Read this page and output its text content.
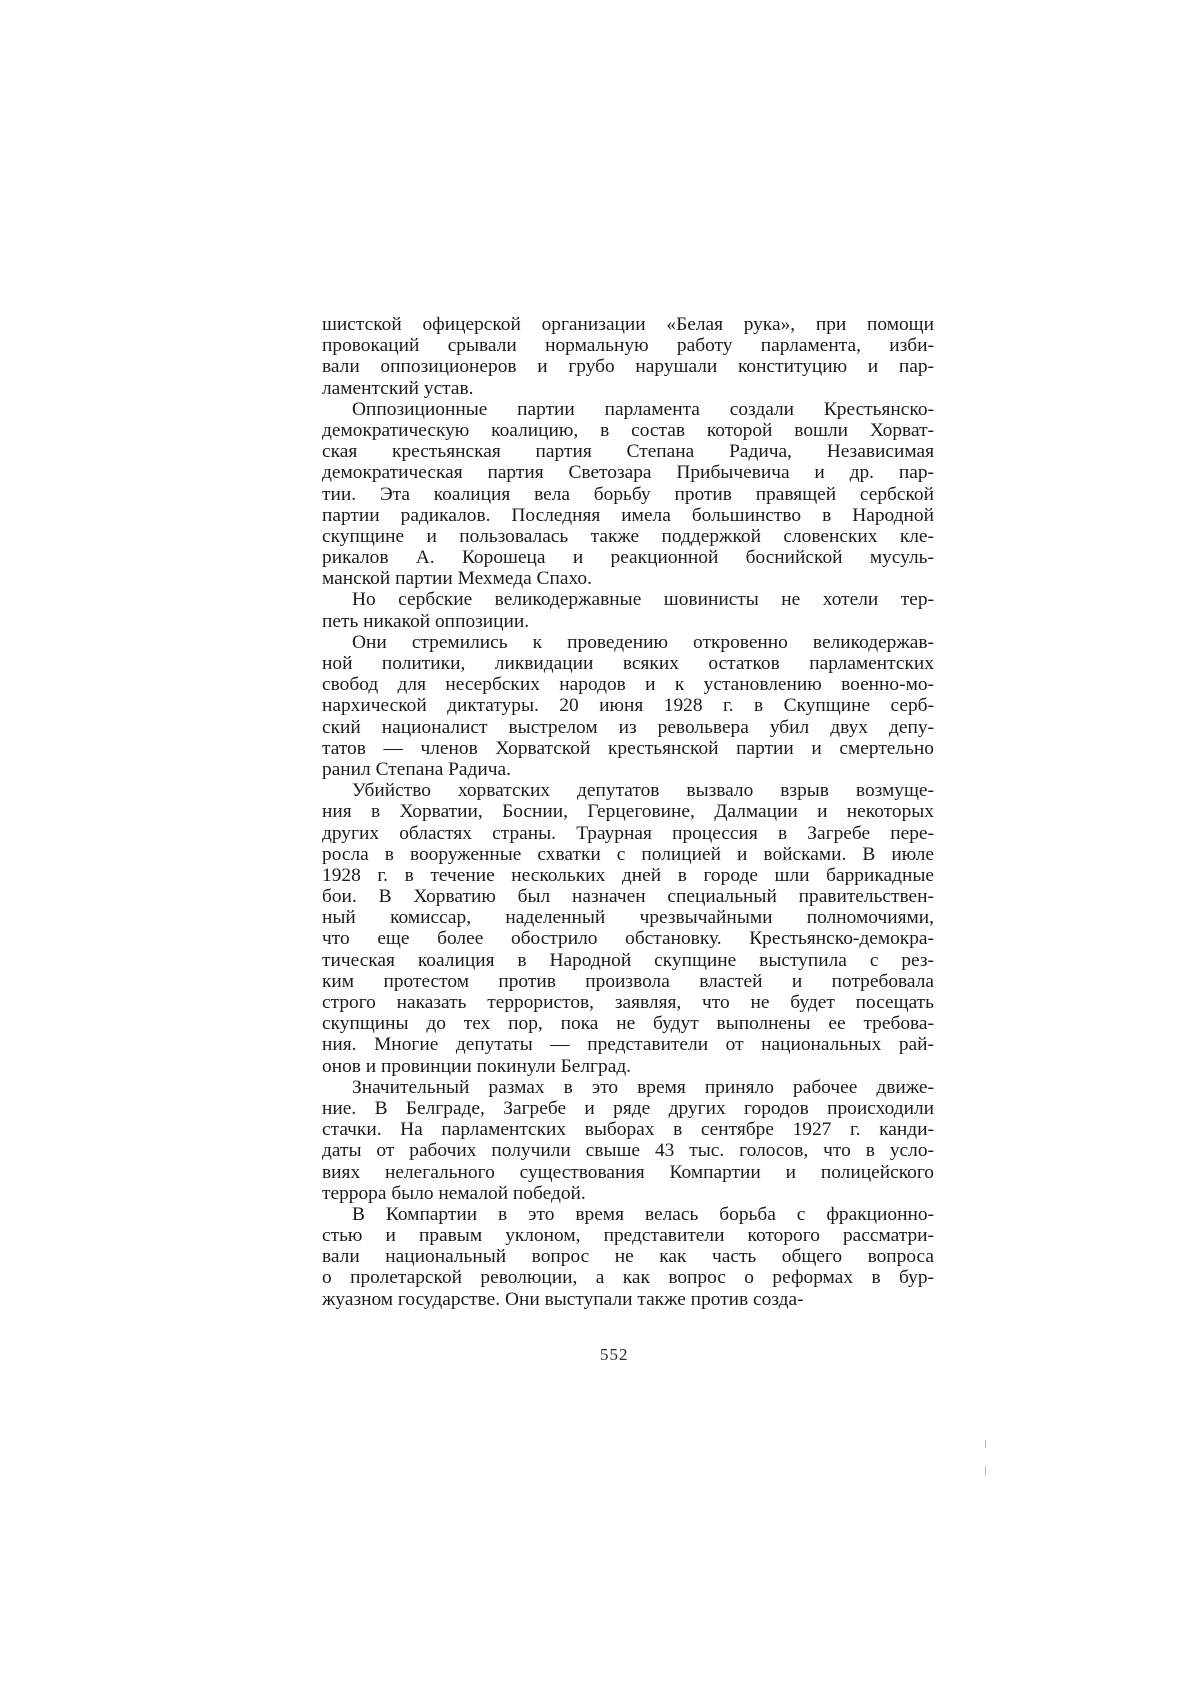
шистской офицерской организации «Белая рука», при помощи
провокаций срывали нормальную работу парламента, изби-
вали оппозиционеров и грубо нарушали конституцию и пар-
ламентский устав.
Оппозиционные партии парламента создали Крестьянско-
демократическую коалицию, в состав которой вошли Хорват-
ская крестьянская партия Степана Радича, Независимая
демократическая партия Светозара Прибычевича и др. пар-
тии. Эта коалиция вела борьбу против правящей сербской
партии радикалов. Последняя имела большинство в Народной
скупщине и пользовалась также поддержкой словенских кле-
рикалов А. Корошеца и реакционной боснийской мусуль-
манской партии Мехмеда Спахо.
Но сербские великодержавные шовинисты не хотели тер-
петь никакой оппозиции.
Они стремились к проведению откровенно великодержав-
ной политики, ликвидации всяких остатков парламентских
свобод для несербских народов и к установлению военно-мо-
нархической диктатуры. 20 июня 1928 г. в Скупщине серб-
ский националист выстрелом из револьвера убил двух депу-
татов — членов Хорватской крестьянской партии и смертельно
ранил Степана Радича.
Убийство хорватских депутатов вызвало взрыв возмуще-
ния в Хорватии, Боснии, Герцеговине, Далмации и некоторых
других областях страны. Траурная процессия в Загребе пере-
росла в вооруженные схватки с полицией и войсками. В июле
1928 г. в течение нескольких дней в городе шли баррикадные
бои. В Хорватию был назначен специальный правительствен-
ный комиссар, наделенный чрезвычайными полномочиями,
что еще более обострило обстановку. Крестьянско-демокра-
тическая коалиция в Народной скупщине выступила с рез-
ким протестом против произвола властей и потребовала
строго наказать террористов, заявляя, что не будет посещать
скупщины до тех пор, пока не будут выполнены ее требова-
ния. Многие депутаты — представители от национальных рай-
онов и провинции покинули Белград.
Значительный размах в это время приняло рабочее движе-
ние. В Белграде, Загребе и ряде других городов происходили
стачки. На парламентских выборах в сентябре 1927 г. канди-
даты от рабочих получили свыше 43 тыс. голосов, что в усло-
виях нелегального существования Компартии и полицейского
террора было немалой победой.
В Компартии в это время велась борьба с фракционно-
стью и правым уклоном, представители которого рассматри-
вали национальный вопрос не как часть общего вопроса
о пролетарской революции, а как вопрос о реформах в бур-
жуазном государстве. Они выступали также против созда-
552
